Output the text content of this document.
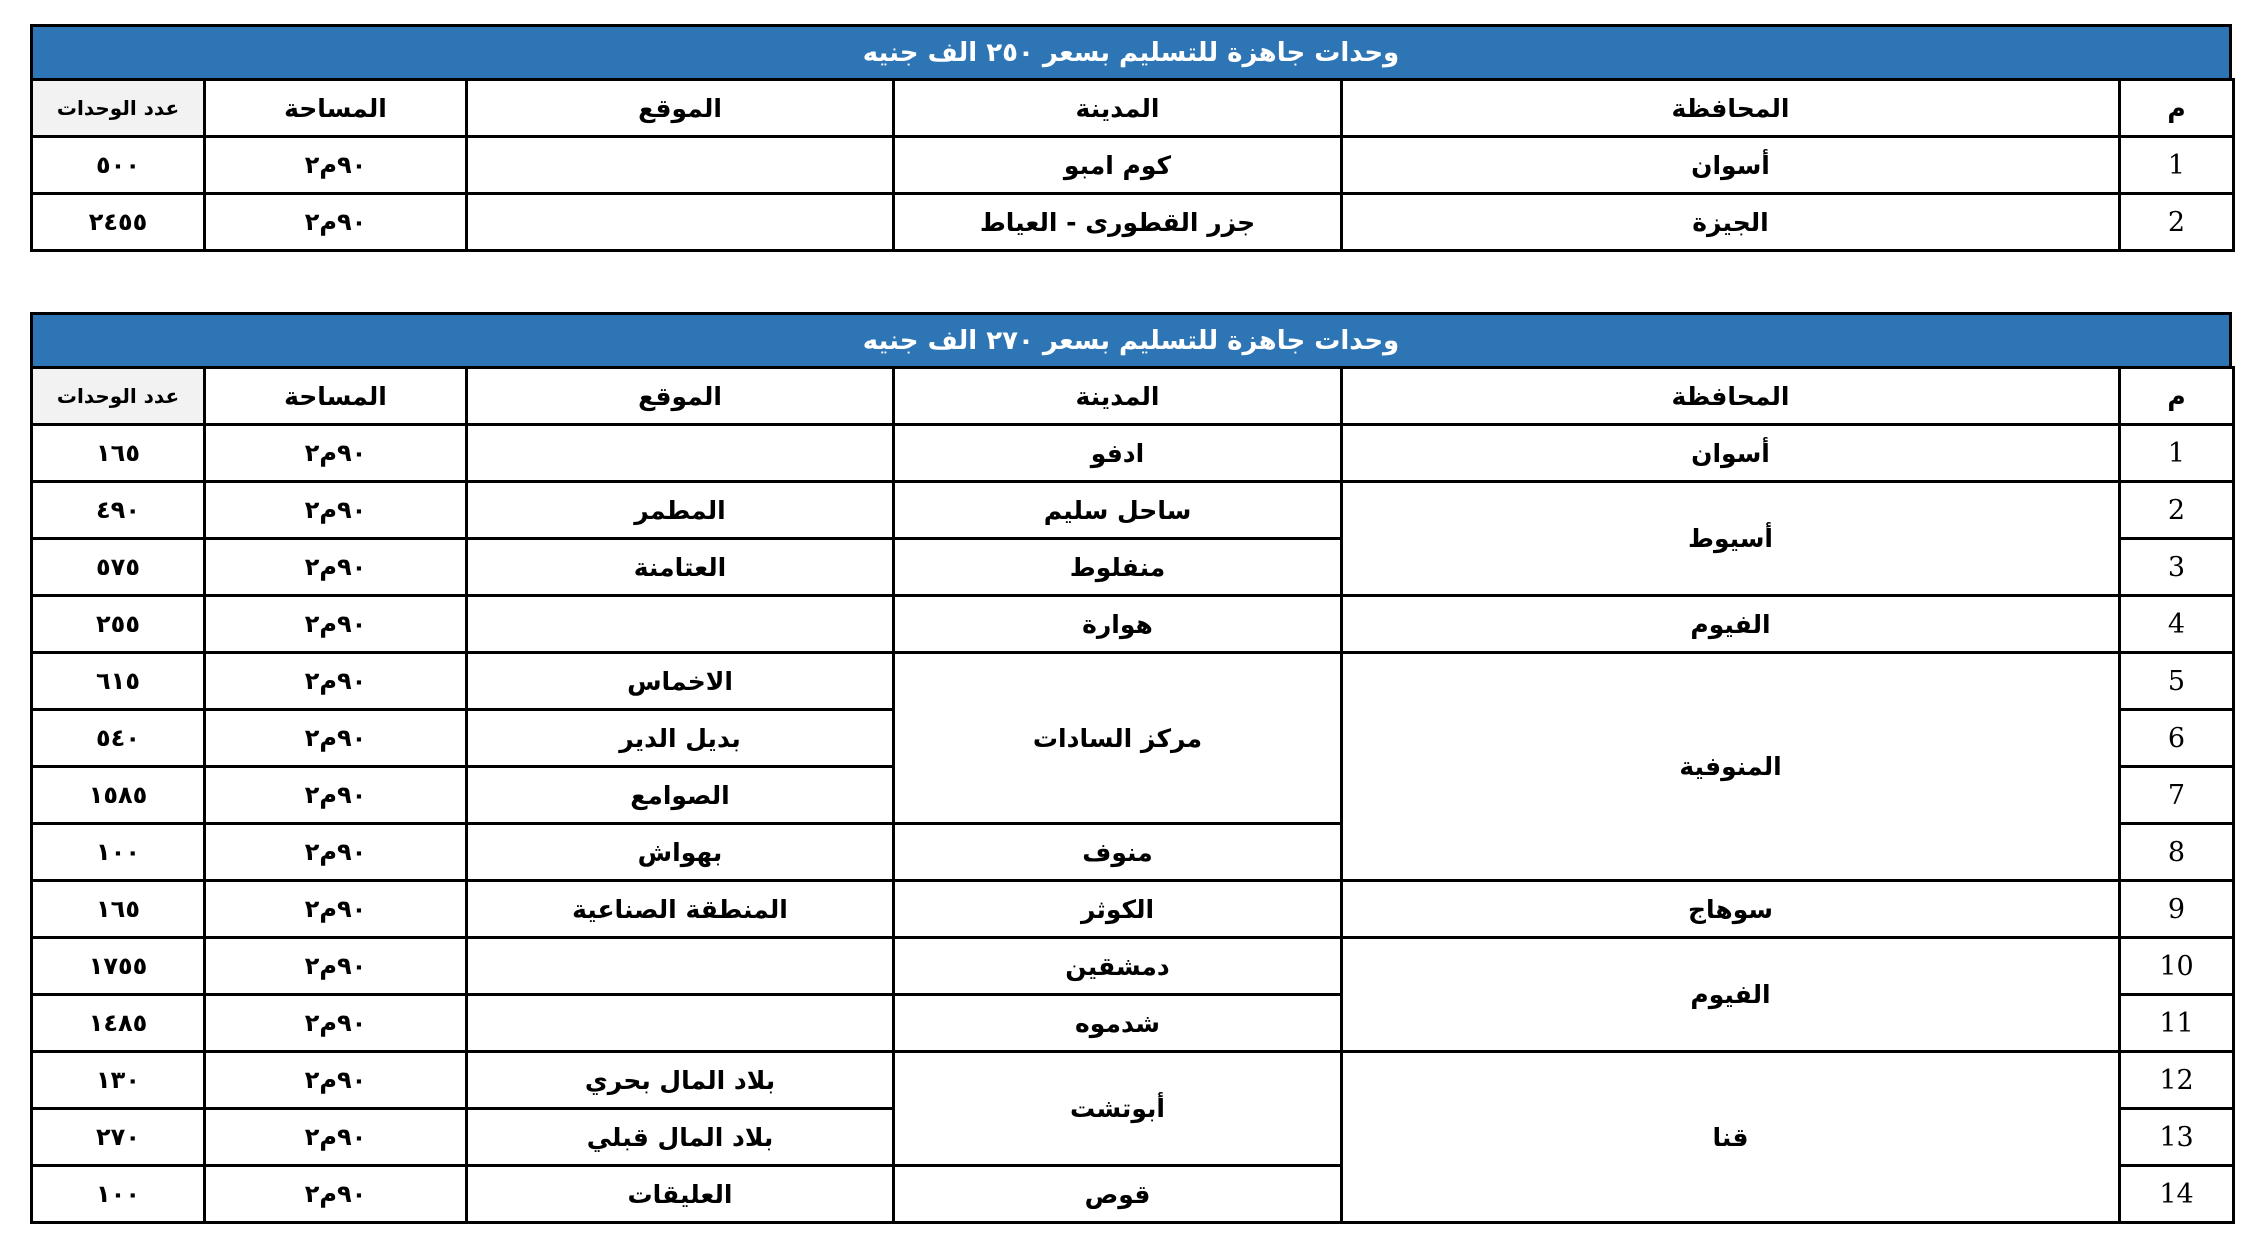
وحدات جاهزة للتسليم بسعر ٢٥٠ الف جنيه
م	المحافظة	المدينة	الموقع	المساحة	عدد الوحدات
1	أسوان	كوم امبو		٩٠م٢	٥٠٠
2	الجيزة	جزر القطورى - العياط		٩٠م٢	٢٤٥٥
وحدات جاهزة للتسليم بسعر ٢٧٠ الف جنيه
م	المحافظة	المدينة	الموقع	المساحة	عدد الوحدات
1	أسوان	ادفو		٩٠م٢	١٦٥
2	أسيوط	ساحل سليم	المطمر	٩٠م٢	٤٩٠
3		منفلوط	العتامنة	٩٠م٢	٥٧٥
4	الفيوم	هوارة		٩٠م٢	٢٥٥
5	المنوفية	مركز السادات	الاخماس	٩٠م٢	٦١٥
6			بديل الدير	٩٠م٢	٥٤٠
7			الصوامع	٩٠م٢	١٥٨٥
8		منوف	بهواش	٩٠م٢	١٠٠
9	سوهاج	الكوثر	المنطقة الصناعية	٩٠م٢	١٦٥
10	الفيوم	دمشقين		٩٠م٢	١٧٥٥
11		شدموه		٩٠م٢	١٤٨٥
12	قنا	أبوتشت	بلاد المال بحري	٩٠م٢	١٣٠
13			بلاد المال قبلي	٩٠م٢	٢٧٠
14		قوص	العليقات	٩٠م٢	١٠٠
